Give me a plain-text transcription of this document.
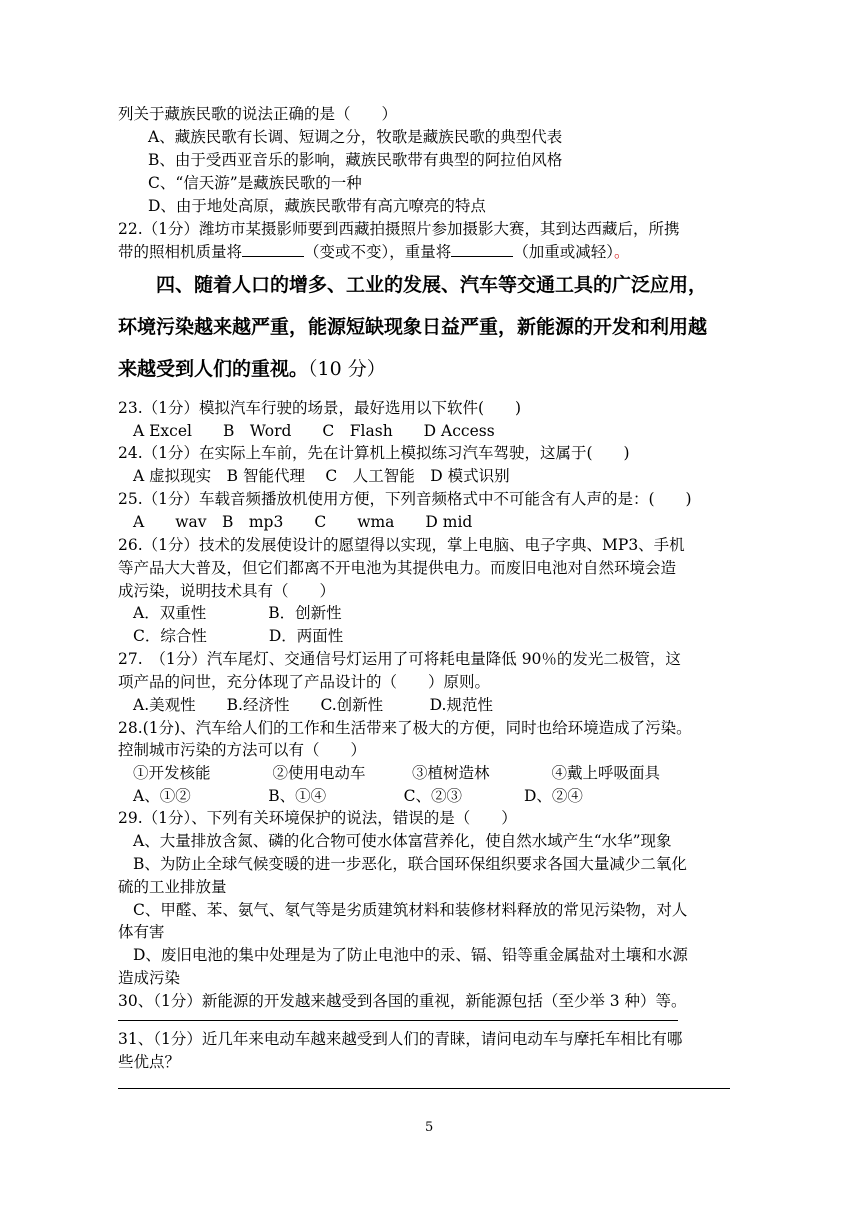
列关于藏族民歌的说法正确的是（　　）
A、藏族民歌有长调、短调之分，牧歌是藏族民歌的典型代表
B、由于受西亚音乐的影响，藏族民歌带有典型的阿拉伯风格
C、“信天游”是藏族民歌的一种
D、由于地处高原，藏族民歌带有高亢嘹亮的特点
22.（1分）潍坊市某摄影师要到西藏拍摄照片参加摄影大赛，其到达西藏后，所携
带的照相机质量将	（变或不变），重量将	（加重或减轻）。
四、随着人口的增多、工业的发展、汽车等交通工具的广泛应用，
环境污染越来越严重，能源短缺现象日益严重，新能源的开发和利用越
来越受到人们的重视。（10 分）
23.（1分）模拟汽车行驶的场景，最好选用以下软件(　　)
A Excel　　B　Word　　C　Flash　　D Access
24.（1分）在实际上车前，先在计算机上模拟练习汽车驾驶，这属于(　　)
A 虚拟现实　B 智能代理　 C　人工智能　D 模式识别
25.（1分）车载音频播放机使用方便，下列音频格式中不可能含有人声的是：(　　)
A　　wav　B　mp3　　C　　wma　　D mid
26.（1分）技术的发展使设计的愿望得以实现，掌上电脑、电子字典、MP3、手机
等产品大大普及，但它们都离不开电池为其提供电力。而废旧电池对自然环境会造
成污染，说明技术具有（　　）
A．双重性　　　　B．创新性
C．综合性　　　　D．两面性
27.　（1分）汽车尾灯、交通信号灯运用了可将耗电量降低 90％的发光二极管，这
项产品的问世，充分体现了产品设计的（　　）原则。
A.美观性　　B.经济性　　C.创新性　　　D.规范性
28.(1分)、汽车给人们的工作和生活带来了极大的方便，同时也给环境造成了污染。
控制城市污染的方法可以有（　　）
①开发核能　　　　②使用电动车　　　③植树造林　　　　④戴上呼吸面具
A、①②　　　　　B、①④　　　　　C、②③　　　　D、②④
29.（1分）、下列有关环境保护的说法，错误的是（　　）
A、大量排放含氮、磷的化合物可使水体富营养化，使自然水域产生“水华”现象
B、为防止全球气候变暖的进一步恶化，联合国环保组织要求各国大量减少二氧化
硫的工业排放量
C、甲醛、苯、氨气、氡气等是劣质建筑材料和装修材料释放的常见污染物，对人
体有害
D、废旧电池的集中处理是为了防止电池中的汞、镉、铅等重金属盐对土壤和水源
造成污染
30、（1分）新能源的开发越来越受到各国的重视，新能源包括（至少举 3 种）等。
31、（1分）近几年来电动车越来越受到人们的青睐，请问电动车与摩托车相比有哪
些优点？
5
